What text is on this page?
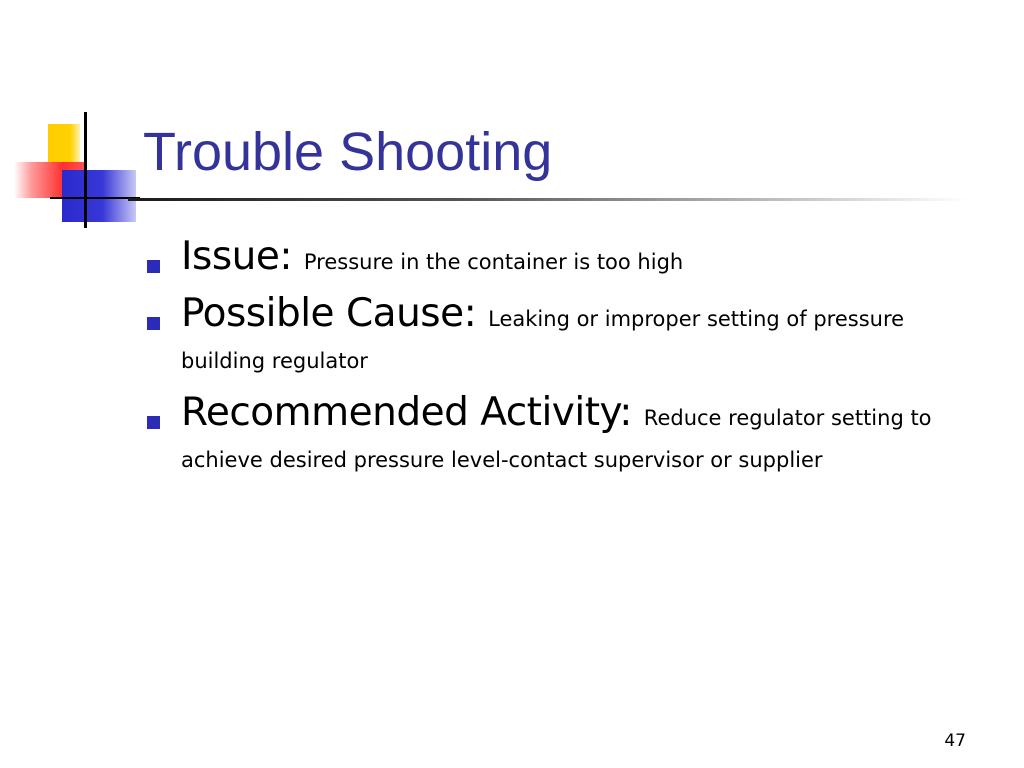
Trouble Shooting
Issue: Pressure in the container is too high
Possible Cause: Leaking or improper setting of pressure building regulator
Recommended Activity: Reduce regulator setting to achieve desired pressure level-contact supervisor or supplier
47
